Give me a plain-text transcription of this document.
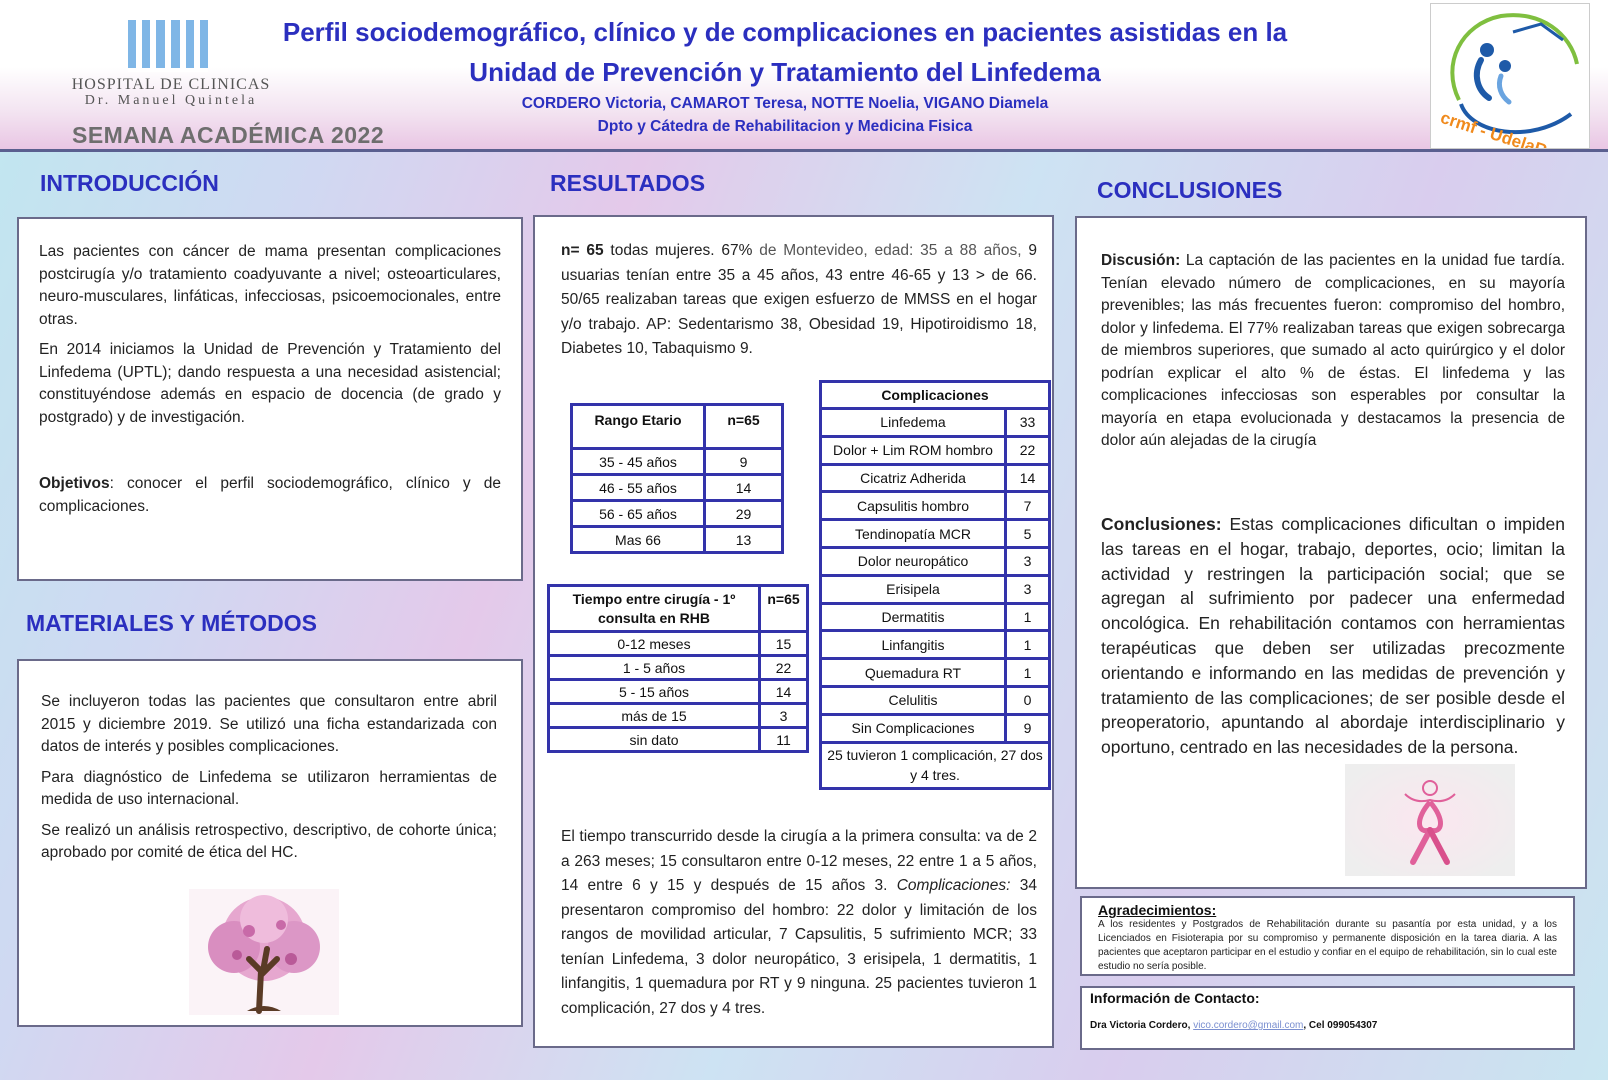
HOSPITAL DE CLINICAS
Dr. Manuel Quintela
SEMANA ACADÉMICA 2022
Perfil sociodemográfico, clínico y de complicaciones en pacientes asistidas en la
Unidad de Prevención y Tratamiento del Linfedema
CORDERO Victoria, CAMAROT Teresa, NOTTE Noelia, VIGANO Diamela
Dpto y Cátedra de Rehabilitacion y Medicina Fisica	crmf - UdelaR
INTRODUCCIÓN

Las pacientes con cáncer de mama presentan complicaciones postcirugía y/o tratamiento coadyuvante a nivel; osteoarticulares, neuro-musculares, linfáticas, infecciosas, psicoemocionales, entre otras.

En 2014 iniciamos la Unidad de Prevención y Tratamiento del Linfedema (UPTL); dando respuesta a una necesidad asistencial; constituyéndose además en espacio de docencia (de grado y postgrado) y de investigación.

Objetivos: conocer el perfil sociodemográfico, clínico y de complicaciones.

MATERIALES Y MÉTODOS

Se incluyeron todas las pacientes que consultaron entre abril 2015 y diciembre 2019. Se utilizó una ficha estandarizada con datos de interés y posibles complicaciones.

Para diagnóstico de Linfedema se utilizaron herramientas de medida de uso internacional.

Se realizó un análisis retrospectivo, descriptivo, de cohorte única; aprobado por comité de ética del HC.

RESULTADOS

n= 65 todas mujeres. 67% de Montevideo, edad: 35 a 88 años, 9 usuarias tenían entre 35 a 45 años, 43 entre 46-65 y 13 > de 66. 50/65 realizaban tareas que exigen esfuerzo de MMSS en el hogar y/o trabajo. AP: Sedentarismo 38, Obesidad 19, Hipotiroidismo 18, Diabetes 10, Tabaquismo 9.

Rango Etario	n=65
35 - 45 años	9
46 - 55 años	14
56 - 65 años	29
Mas 66	13
Tiempo entre cirugía - 1º consulta en RHB	n=65
0-12 meses	15
1 - 5 años	22
5 - 15 años	14
más de 15	3
sin dato	11
Complicaciones	
Linfedema	33
Dolor + Lim ROM hombro	22
Cicatriz Adherida	14
Capsulitis hombro	7
Tendinopatía MCR	5
Dolor neuropático	3
Erisipela	3
Dermatitis	1
Linfangitis	1
Quemadura RT	1
Celulitis	0
Sin Complicaciones	9
25 tuvieron 1 complicación, 27 dos y 4 tres.	

El tiempo transcurrido desde la cirugía a la primera consulta: va de 2 a 263 meses; 15 consultaron entre 0-12 meses, 22 entre 1 a 5 años, 14 entre 6 y 15 y después de 15 años 3. Complicaciones: 34 presentaron compromiso del hombro: 22 dolor y limitación de los rangos de movilidad articular, 7 Capsulitis, 5 sufrimiento MCR; 33 tenían Linfedema, 3 dolor neuropático, 3 erisipela, 1 dermatitis, 1 linfangitis, 1 quemadura por RT y 9 ninguna. 25 pacientes tuvieron 1 complicación, 27 dos y 4 tres.

CONCLUSIONES

Discusión: La captación de las pacientes en la unidad fue tardía. Tenían elevado número de complicaciones, en su mayoría prevenibles; las más frecuentes fueron: compromiso del hombro, dolor y linfedema. El 77% realizaban tareas que exigen sobrecarga de miembros superiores, que sumado al acto quirúrgico y el dolor podrían explicar el alto % de éstas. El linfedema y las complicaciones infecciosas son esperables por consultar la mayoría en etapa evolucionada y destacamos la presencia de dolor aún alejadas de la cirugía

Conclusiones: Estas complicaciones dificultan o impiden las tareas en el hogar, trabajo, deportes, ocio; limitan la actividad y restringen la participación social; que se agregan al sufrimiento por padecer una enfermedad oncológica. En rehabilitación contamos con herramientas terapéuticas que deben ser utilizadas precozmente orientando e informando en las medidas de prevención y tratamiento de las complicaciones; de ser posible desde el preoperatorio, apuntando al abordaje interdisciplinario y oportuno, centrado en las necesidades de la persona.

Agradecimientos:
A los residentes y Postgrados de Rehabilitación durante su pasantía por esta unidad, y a los Licenciados en Fisioterapia por su compromiso y permanente disposición en la tarea diaria. A las pacientes que aceptaron participar en el estudio y confiar en el equipo de rehabilitación, sin lo cual este estudio no sería posible.
Información de Contacto:
Dra Victoria Cordero, vico.cordero@gmail.com, Cel 099054307
